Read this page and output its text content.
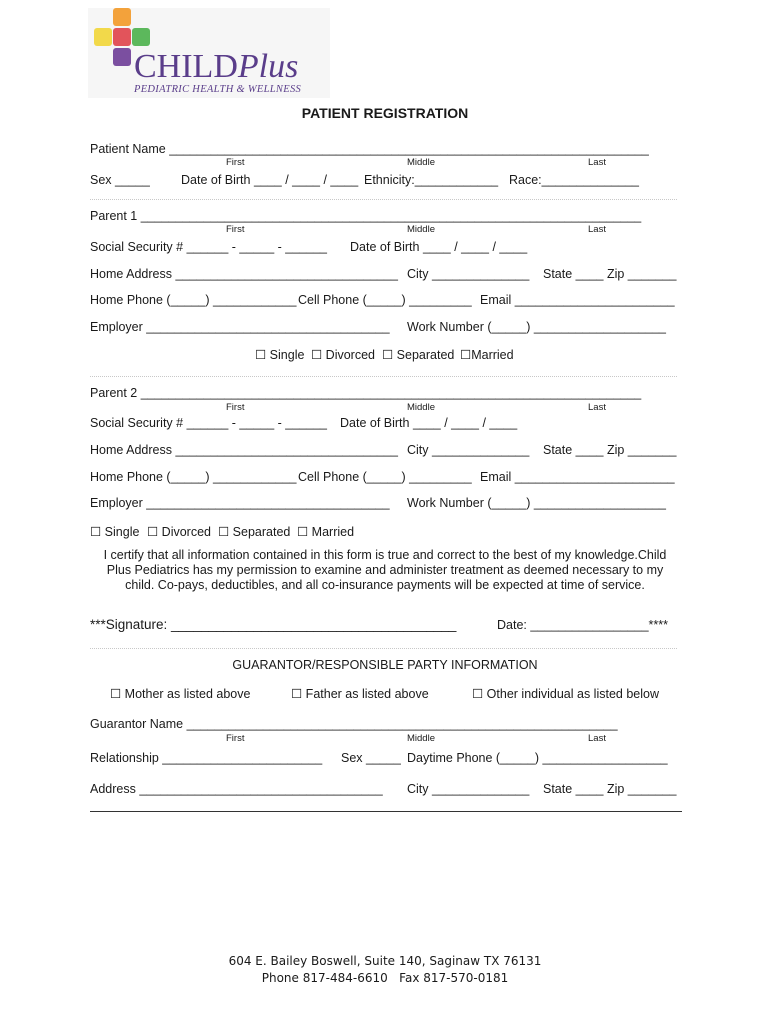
CHILDPlus
PEDIATRIC HEALTH & WELLNESS
PATIENT REGISTRATION
Patient Name _____________________________________________________________________
First	Middle	Last
Sex _____ Date of Birth ____ / ____ / ____ Ethnicity:____________ Race:______________
Parent 1 ________________________________________________________________________
First	Middle	Last
Social Security # ______ - _____ - ______ Date of Birth ____ / ____ / ____
Home Address ________________________________ City ______________ State ____ Zip _______
Home Phone (_____) ____________ Cell Phone (_____) _________ Email _______________________
Employer ___________________________________ Work Number (_____) ___________________
☐ Single ☐ Divorced ☐ Separated ☐Married
Parent 2 ________________________________________________________________________
First	Middle	Last
Social Security # ______ - _____ - ______ Date of Birth ____ / ____ / ____
Home Address ________________________________ City ______________ State ____ Zip _______
Home Phone (_____) ____________ Cell Phone (_____) _________ Email _______________________
Employer ___________________________________ Work Number (_____) ___________________
☐ Single ☐ Divorced ☐ Separated ☐ Married
I certify that all information contained in this form is true and correct to the best of my knowledge.Child
Plus Pediatrics has my permission to examine and administer treatment as deemed necessary to my
child. Co-pays, deductibles, and all co-insurance payments will be expected at time of service.
***Signature: ______________________________________	Date: _________________****
GUARANTOR/RESPONSIBLE PARTY INFORMATION
☐ Mother as listed above	☐ Father as listed above	☐ Other individual as listed below
Guarantor Name ______________________________________________________________
First	Middle	Last
Relationship _______________________ Sex _____ Daytime Phone (_____) __________________
Address ___________________________________ City ______________ State ____ Zip _______
604 E. Bailey Boswell, Suite 140, Saginaw TX 76131
Phone 817-484-6610   Fax 817-570-0181
